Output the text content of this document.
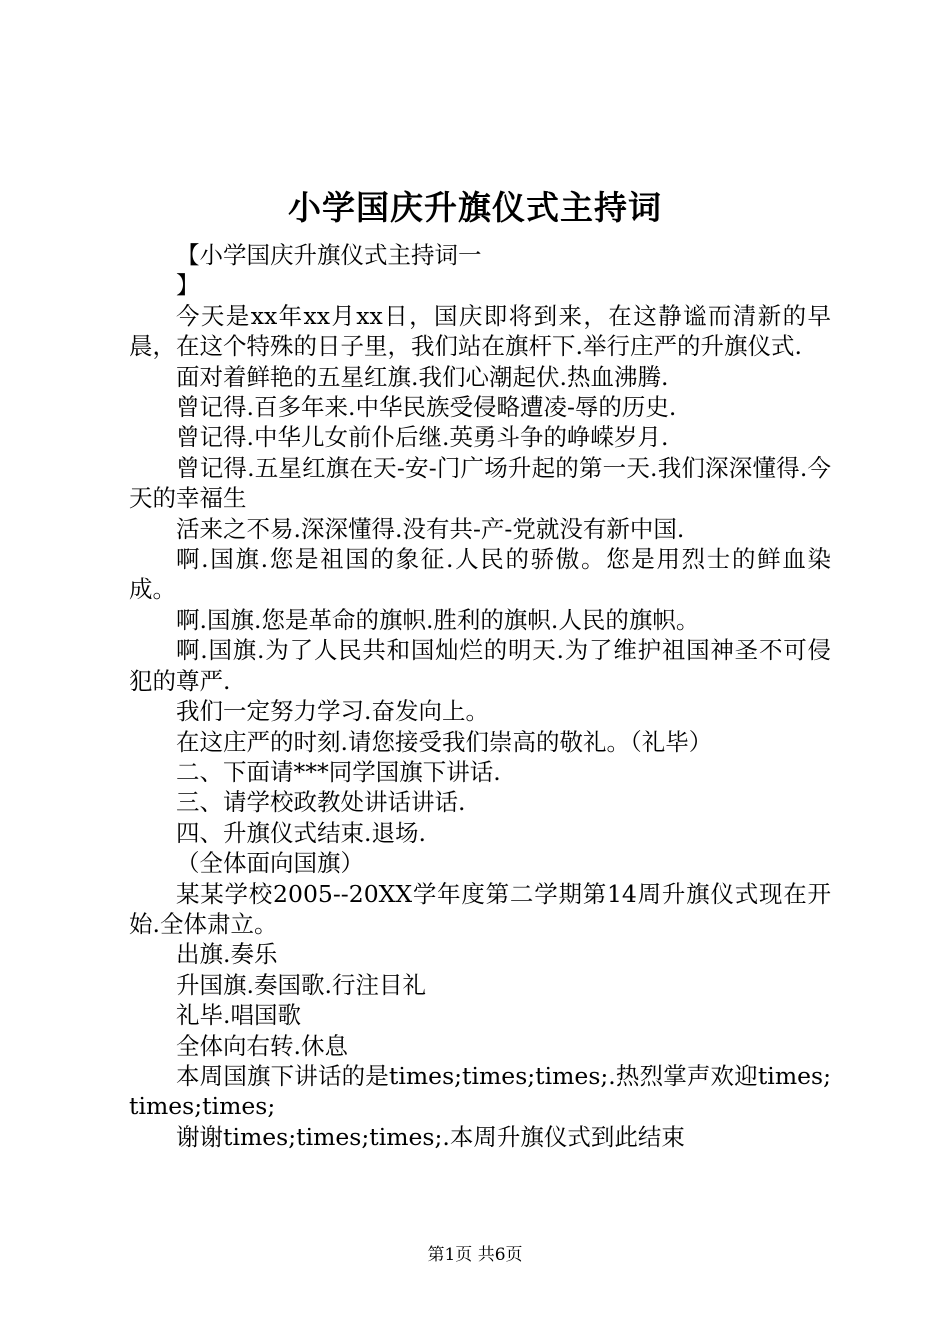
小学国庆升旗仪式主持词

【小学国庆升旗仪式主持词一

】

今天是xx年xx月xx日，国庆即将到来，在这静谧而清新的早晨，在这个特殊的日子里，我们站在旗杆下.举行庄严的升旗仪式.

面对着鲜艳的五星红旗.我们心潮起伏.热血沸腾.

曾记得.百多年来.中华民族受侵略遭凌-辱的历史.

曾记得.中华儿女前仆后继.英勇斗争的峥嵘岁月.

曾记得.五星红旗在天-安-门广场升起的第一天.我们深深懂得.今天的幸福生

活来之不易.深深懂得.没有共-产-党就没有新中国.

啊.国旗.您是祖国的象征.人民的骄傲。您是用烈士的鲜血染成。

啊.国旗.您是革命的旗帜.胜利的旗帜.人民的旗帜。

啊.国旗.为了人民共和国灿烂的明天.为了维护祖国神圣不可侵犯的尊严.

我们一定努力学习.奋发向上。

在这庄严的时刻.请您接受我们崇高的敬礼。（礼毕）

二、下面请***同学国旗下讲话.

三、请学校政教处讲话讲话.

四、升旗仪式结束.退场.

（全体面向国旗）

某某学校2005--20XX学年度第二学期第14周升旗仪式现在开始.全体肃立。

出旗.奏乐

升国旗.奏国歌.行注目礼

礼毕.唱国歌

全体向右转.休息

本周国旗下讲话的是times;times;times;.热烈掌声欢迎times;times;times;

谢谢times;times;times;.本周升旗仪式到此结束

第1页 共6页
